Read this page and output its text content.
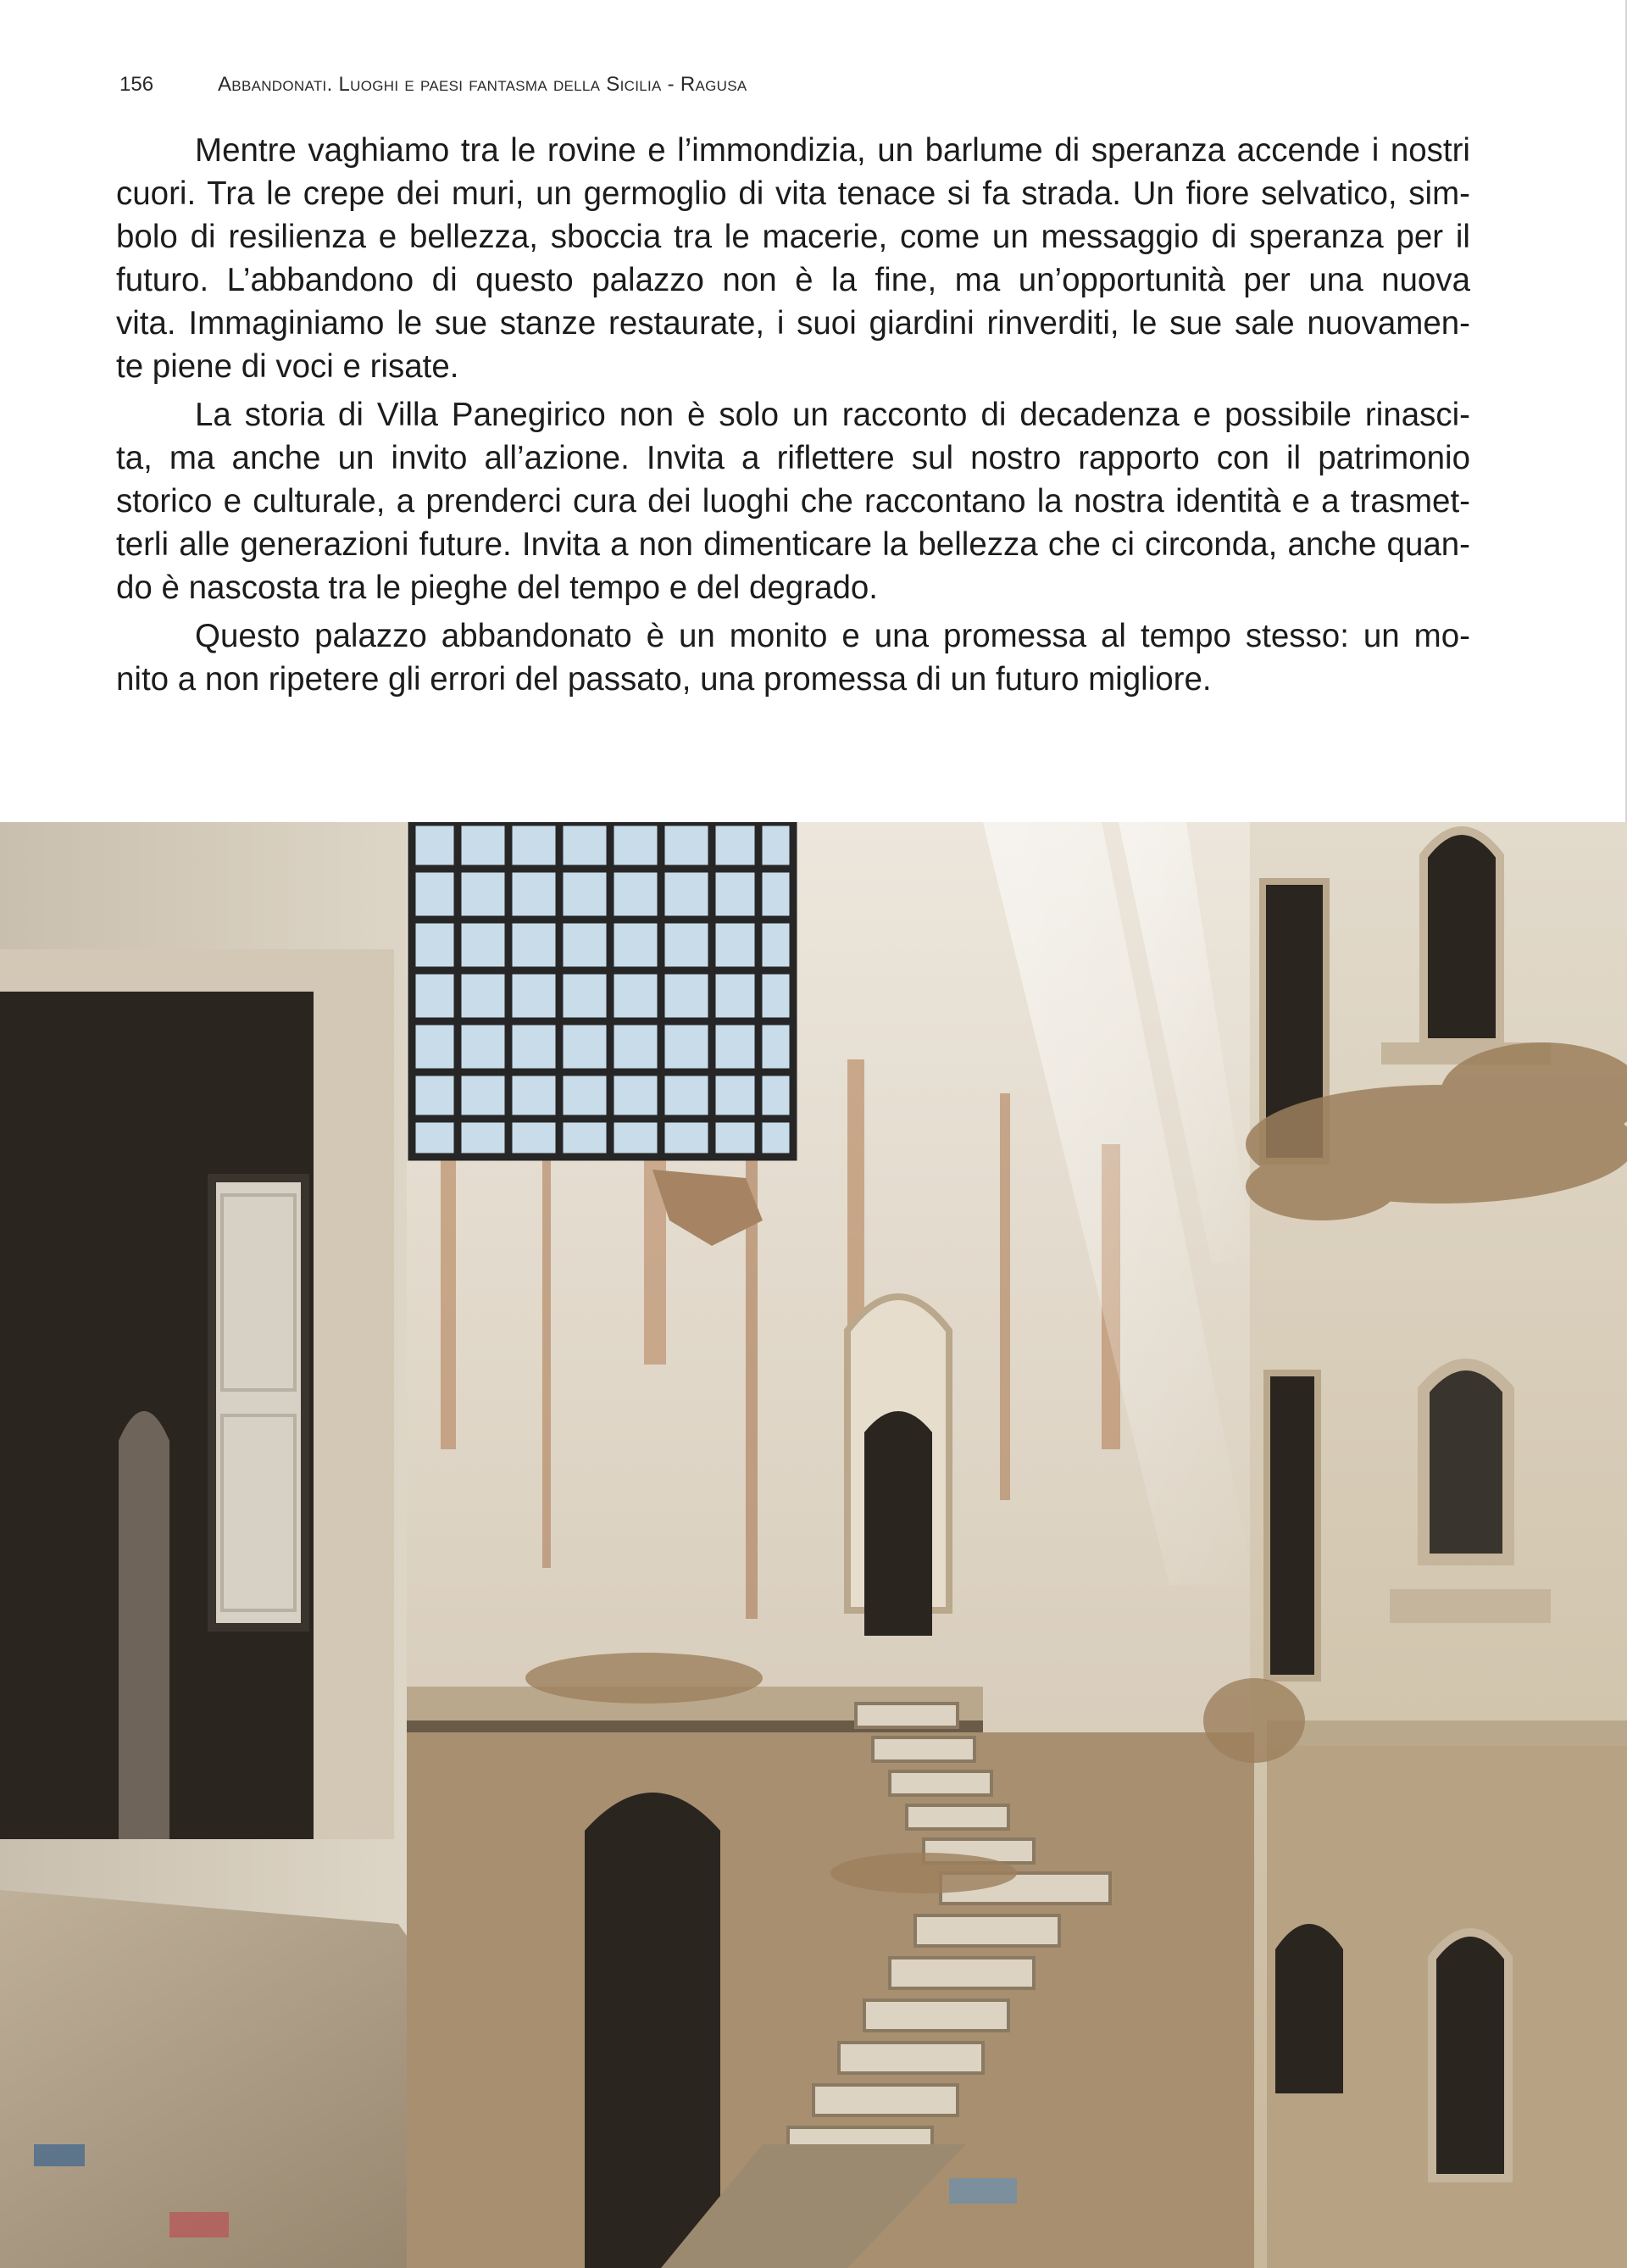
156	Abbandonati. Luoghi e paesi fantasma della Sicilia - Ragusa
Mentre vaghiamo tra le rovine e l’immondizia, un barlume di speranza accende i nostri
cuori. Tra le crepe dei muri, un germoglio di vita tenace si fa strada. Un fiore selvatico, sim-
bolo di resilienza e bellezza, sboccia tra le macerie, come un messaggio di speranza per il
futuro. L’abbandono di questo palazzo non è la fine, ma un’opportunità per una nuova
vita. Immaginiamo le sue stanze restaurate, i suoi giardini rinverditi, le sue sale nuovamen-
te piene di voci e risate.
La storia di Villa Panegirico non è solo un racconto di decadenza e possibile rinasci-
ta, ma anche un invito all’azione. Invita a riflettere sul nostro rapporto con il patrimonio
storico e culturale, a prenderci cura dei luoghi che raccontano la nostra identità e a trasmet-
terli alle generazioni future. Invita a non dimenticare la bellezza che ci circonda, anche quan-
do è nascosta tra le pieghe del tempo e del degrado.
Questo palazzo abbandonato è un monito e una promessa al tempo stesso: un mo-
nito a non ripetere gli errori del passato, una promessa di un futuro migliore.
